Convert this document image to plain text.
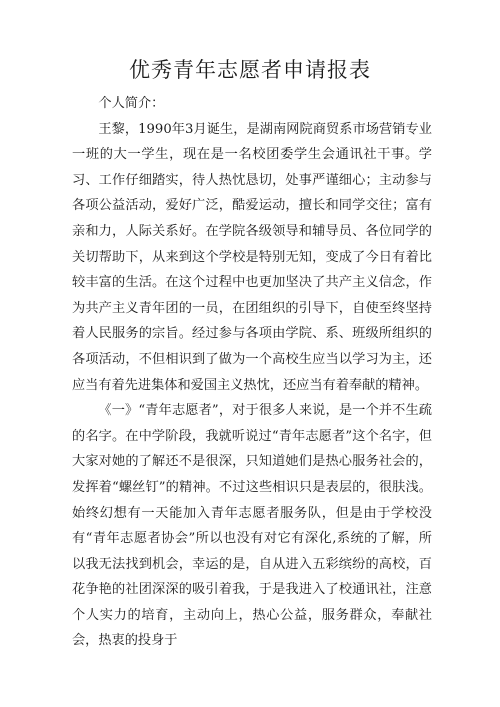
优秀青年志愿者申请报表

个人简介：

王黎，1990年3月诞生，是湖南网院商贸系市场营销专业一班的大一学生，现在是一名校团委学生会通讯社干事。学习、工作仔细踏实，待人热忱恳切，处事严谨细心；主动参与各项公益活动，爱好广泛，酷爱运动，擅长和同学交往；富有亲和力，人际关系好。在学院各级领导和辅导员、各位同学的关切帮助下，从来到这个学校是特别无知，变成了今日有着比较丰富的生活。在这个过程中也更加坚决了共产主义信念，作为共产主义青年团的一员，在团组织的引导下，自使至终坚持着人民服务的宗旨。经过参与各项由学院、系、班级所组织的各项活动，不但相识到了做为一个高校生应当以学习为主，还应当有着先进集体和爱国主义热忱，还应当有着奉献的精神。

《一》“青年志愿者”，对于很多人来说，是一个并不生疏的名字。在中学阶段，我就听说过“青年志愿者”这个名字，但大家对她的了解还不是很深，只知道她们是热心服务社会的，发挥着“螺丝钉”的精神。不过这些相识只是表层的，很肤浅。始终幻想有一天能加入青年志愿者服务队，但是由于学校没有“青年志愿者协会”所以也没有对它有深化,系统的了解，所以我无法找到机会，幸运的是，自从进入五彩缤纷的高校，百花争艳的社团深深的吸引着我，于是我进入了校通讯社，注意个人实力的培育，主动向上，热心公益，服务群众，奉献社会，热衷的投身于
